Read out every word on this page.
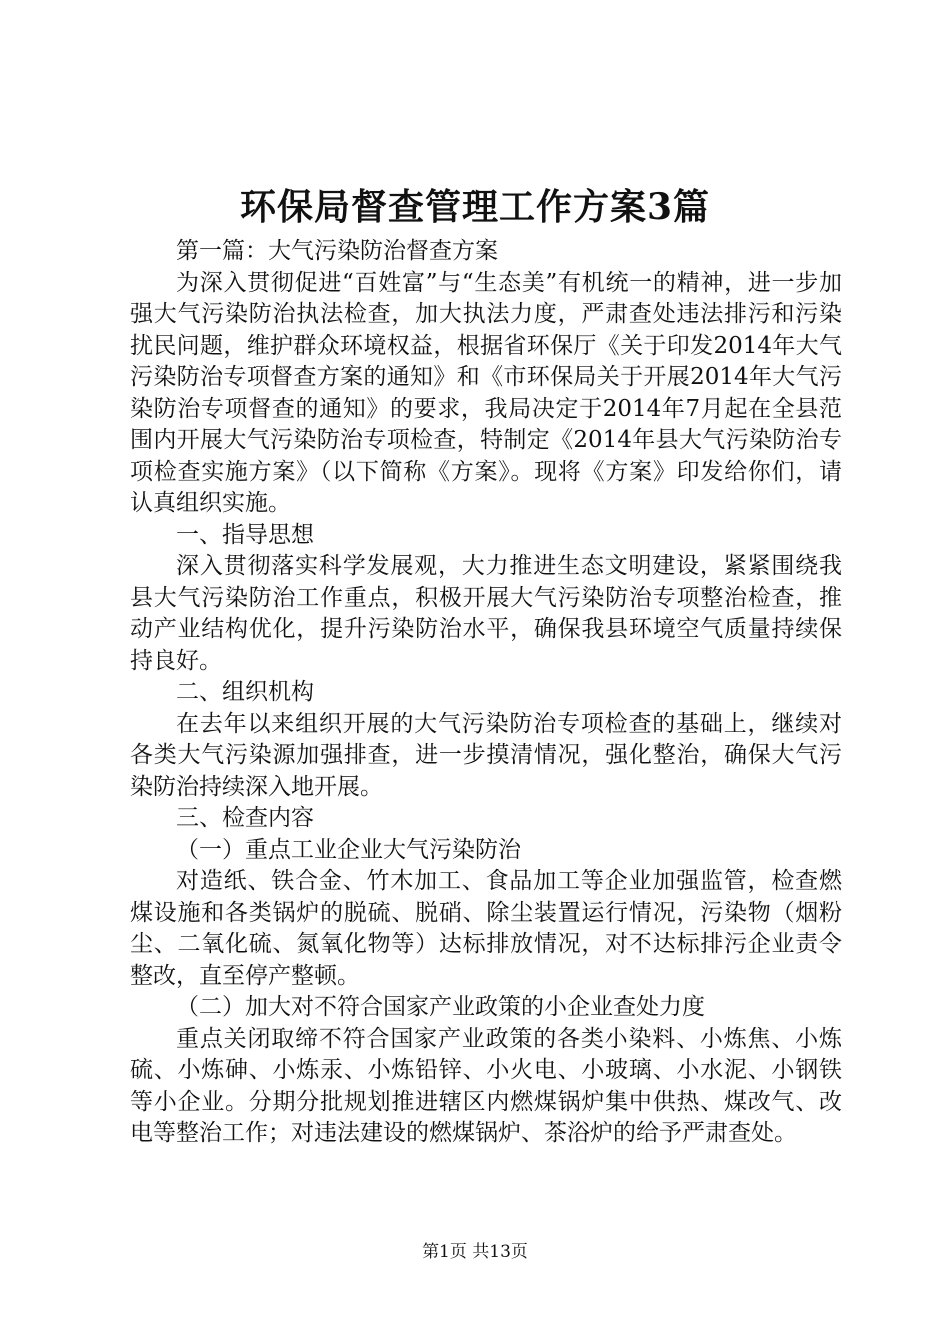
环保局督查管理工作方案3篇

第一篇：大气污染防治督查方案

为深入贯彻促进“百姓富”与“生态美”有机统一的精神，进一步加强大气污染防治执法检查，加大执法力度，严肃查处违法排污和污染扰民问题，维护群众环境权益，根据省环保厅《关于印发2014年大气污染防治专项督查方案的通知》和《市环保局关于开展2014年大气污染防治专项督查的通知》的要求，我局决定于2014年7月起在全县范围内开展大气污染防治专项检查，特制定《2014年县大气污染防治专项检查实施方案》（以下简称《方案》。现将《方案》印发给你们，请认真组织实施。

一、指导思想

深入贯彻落实科学发展观，大力推进生态文明建设，紧紧围绕我县大气污染防治工作重点，积极开展大气污染防治专项整治检查，推动产业结构优化，提升污染防治水平，确保我县环境空气质量持续保持良好。

二、组织机构

在去年以来组织开展的大气污染防治专项检查的基础上，继续对各类大气污染源加强排查，进一步摸清情况，强化整治，确保大气污染防治持续深入地开展。

三、检查内容

（一）重点工业企业大气污染防治

对造纸、铁合金、竹木加工、食品加工等企业加强监管，检查燃煤设施和各类锅炉的脱硫、脱硝、除尘装置运行情况，污染物（烟粉尘、二氧化硫、氮氧化物等）达标排放情况，对不达标排污企业责令整改，直至停产整顿。

（二）加大对不符合国家产业政策的小企业查处力度

重点关闭取缔不符合国家产业政策的各类小染料、小炼焦、小炼硫、小炼砷、小炼汞、小炼铅锌、小火电、小玻璃、小水泥、小钢铁等小企业。分期分批规划推进辖区内燃煤锅炉集中供热、煤改气、改电等整治工作；对违法建设的燃煤锅炉、茶浴炉的给予严肃查处。

第1页 共13页
